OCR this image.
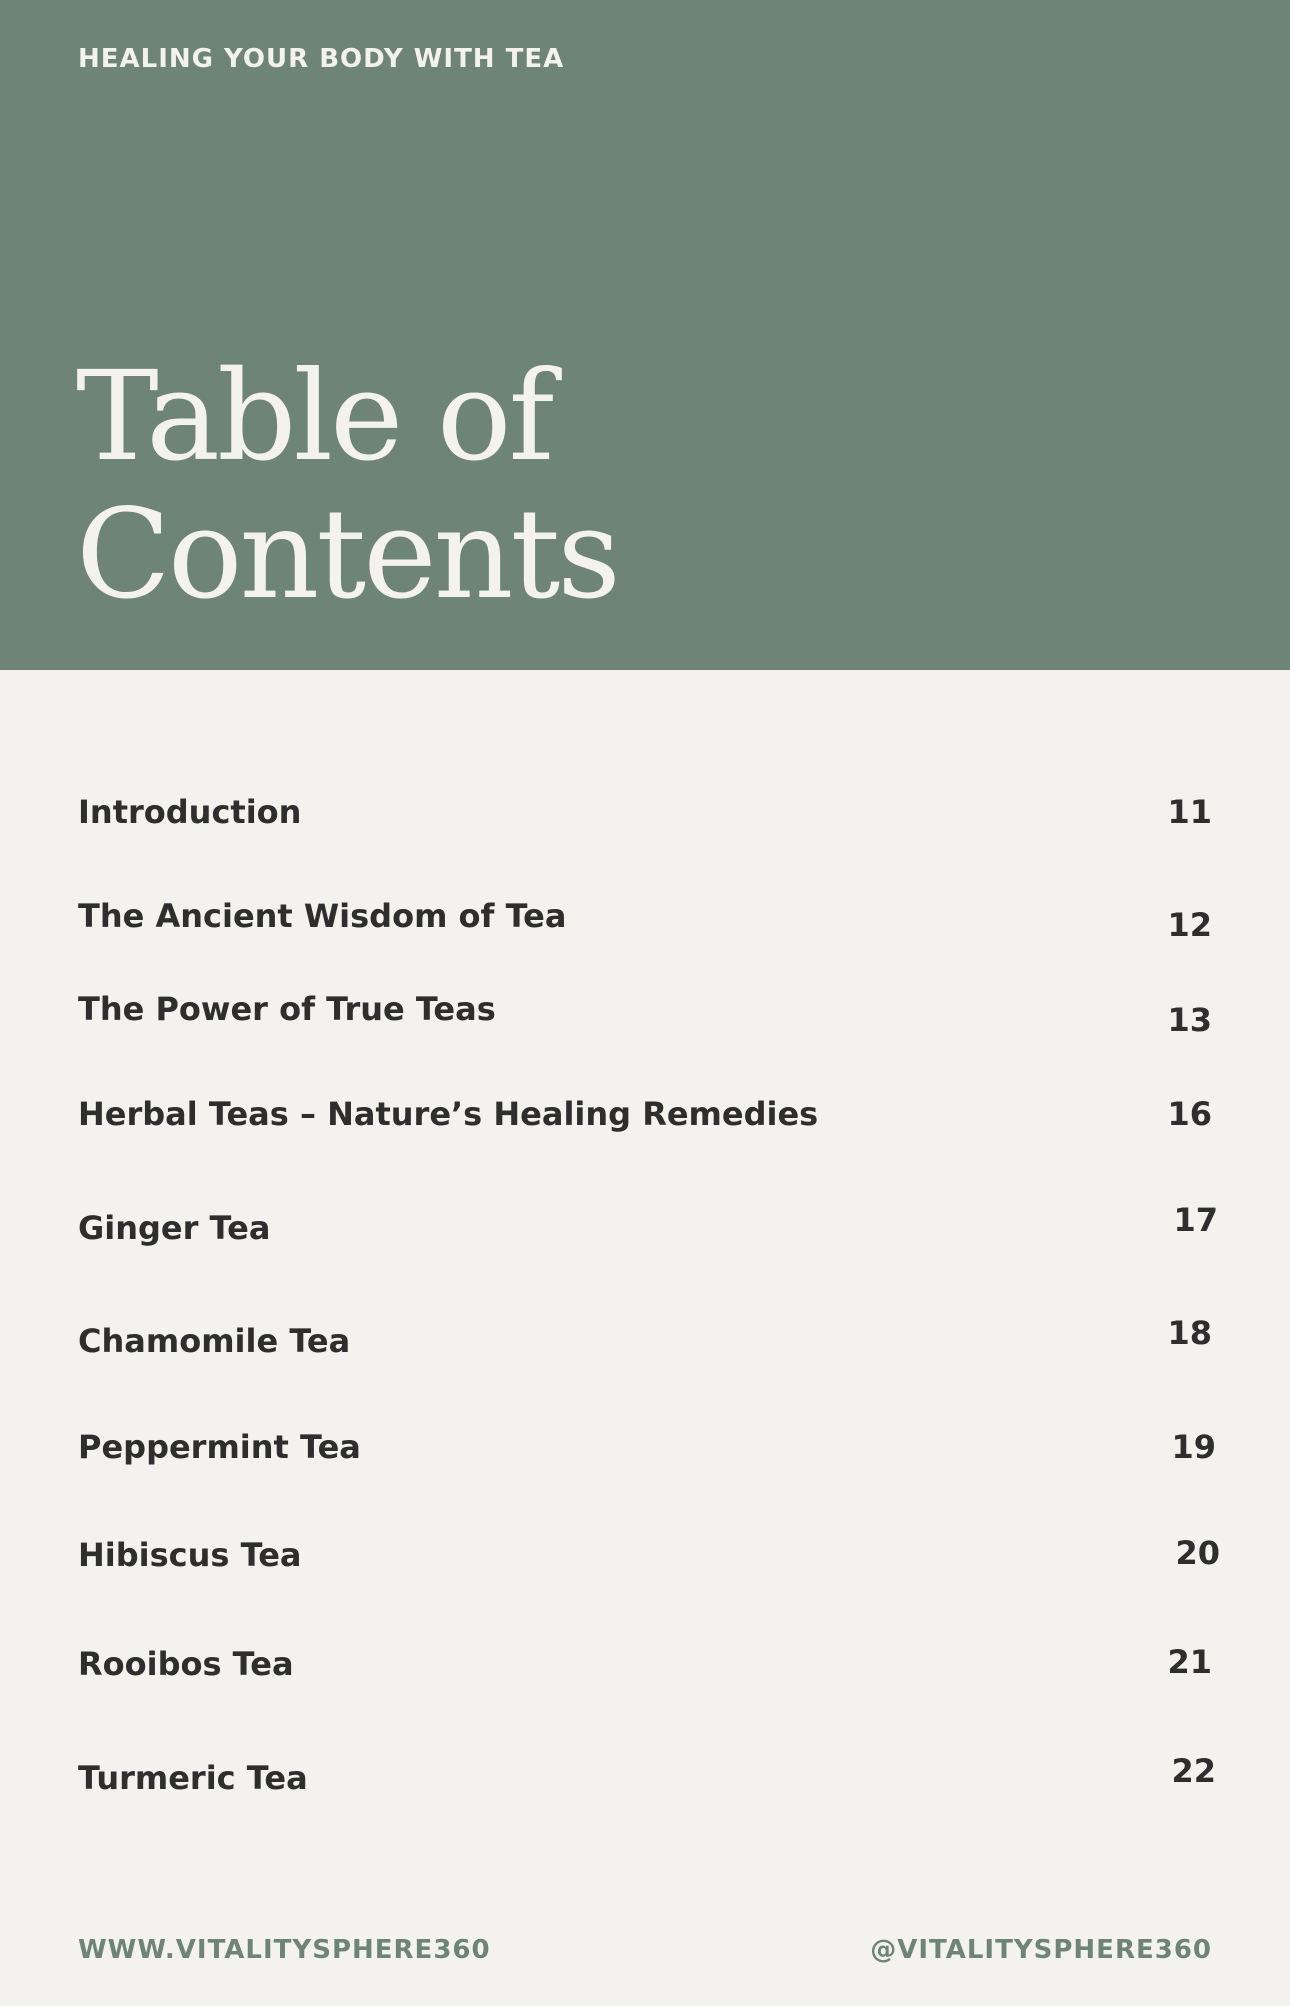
HEALING YOUR BODY WITH TEA
Table of
Contents
Introduction	11
The Ancient Wisdom of Tea	12
The Power of True Teas	13
Herbal Teas – Nature’s Healing Remedies	16
Ginger Tea	17
Chamomile Tea	18
Peppermint Tea	19
Hibiscus Tea	20
Rooibos Tea	21
Turmeric Tea	22
WWW.VITALITYSPHERE360	@VITALITYSPHERE360
